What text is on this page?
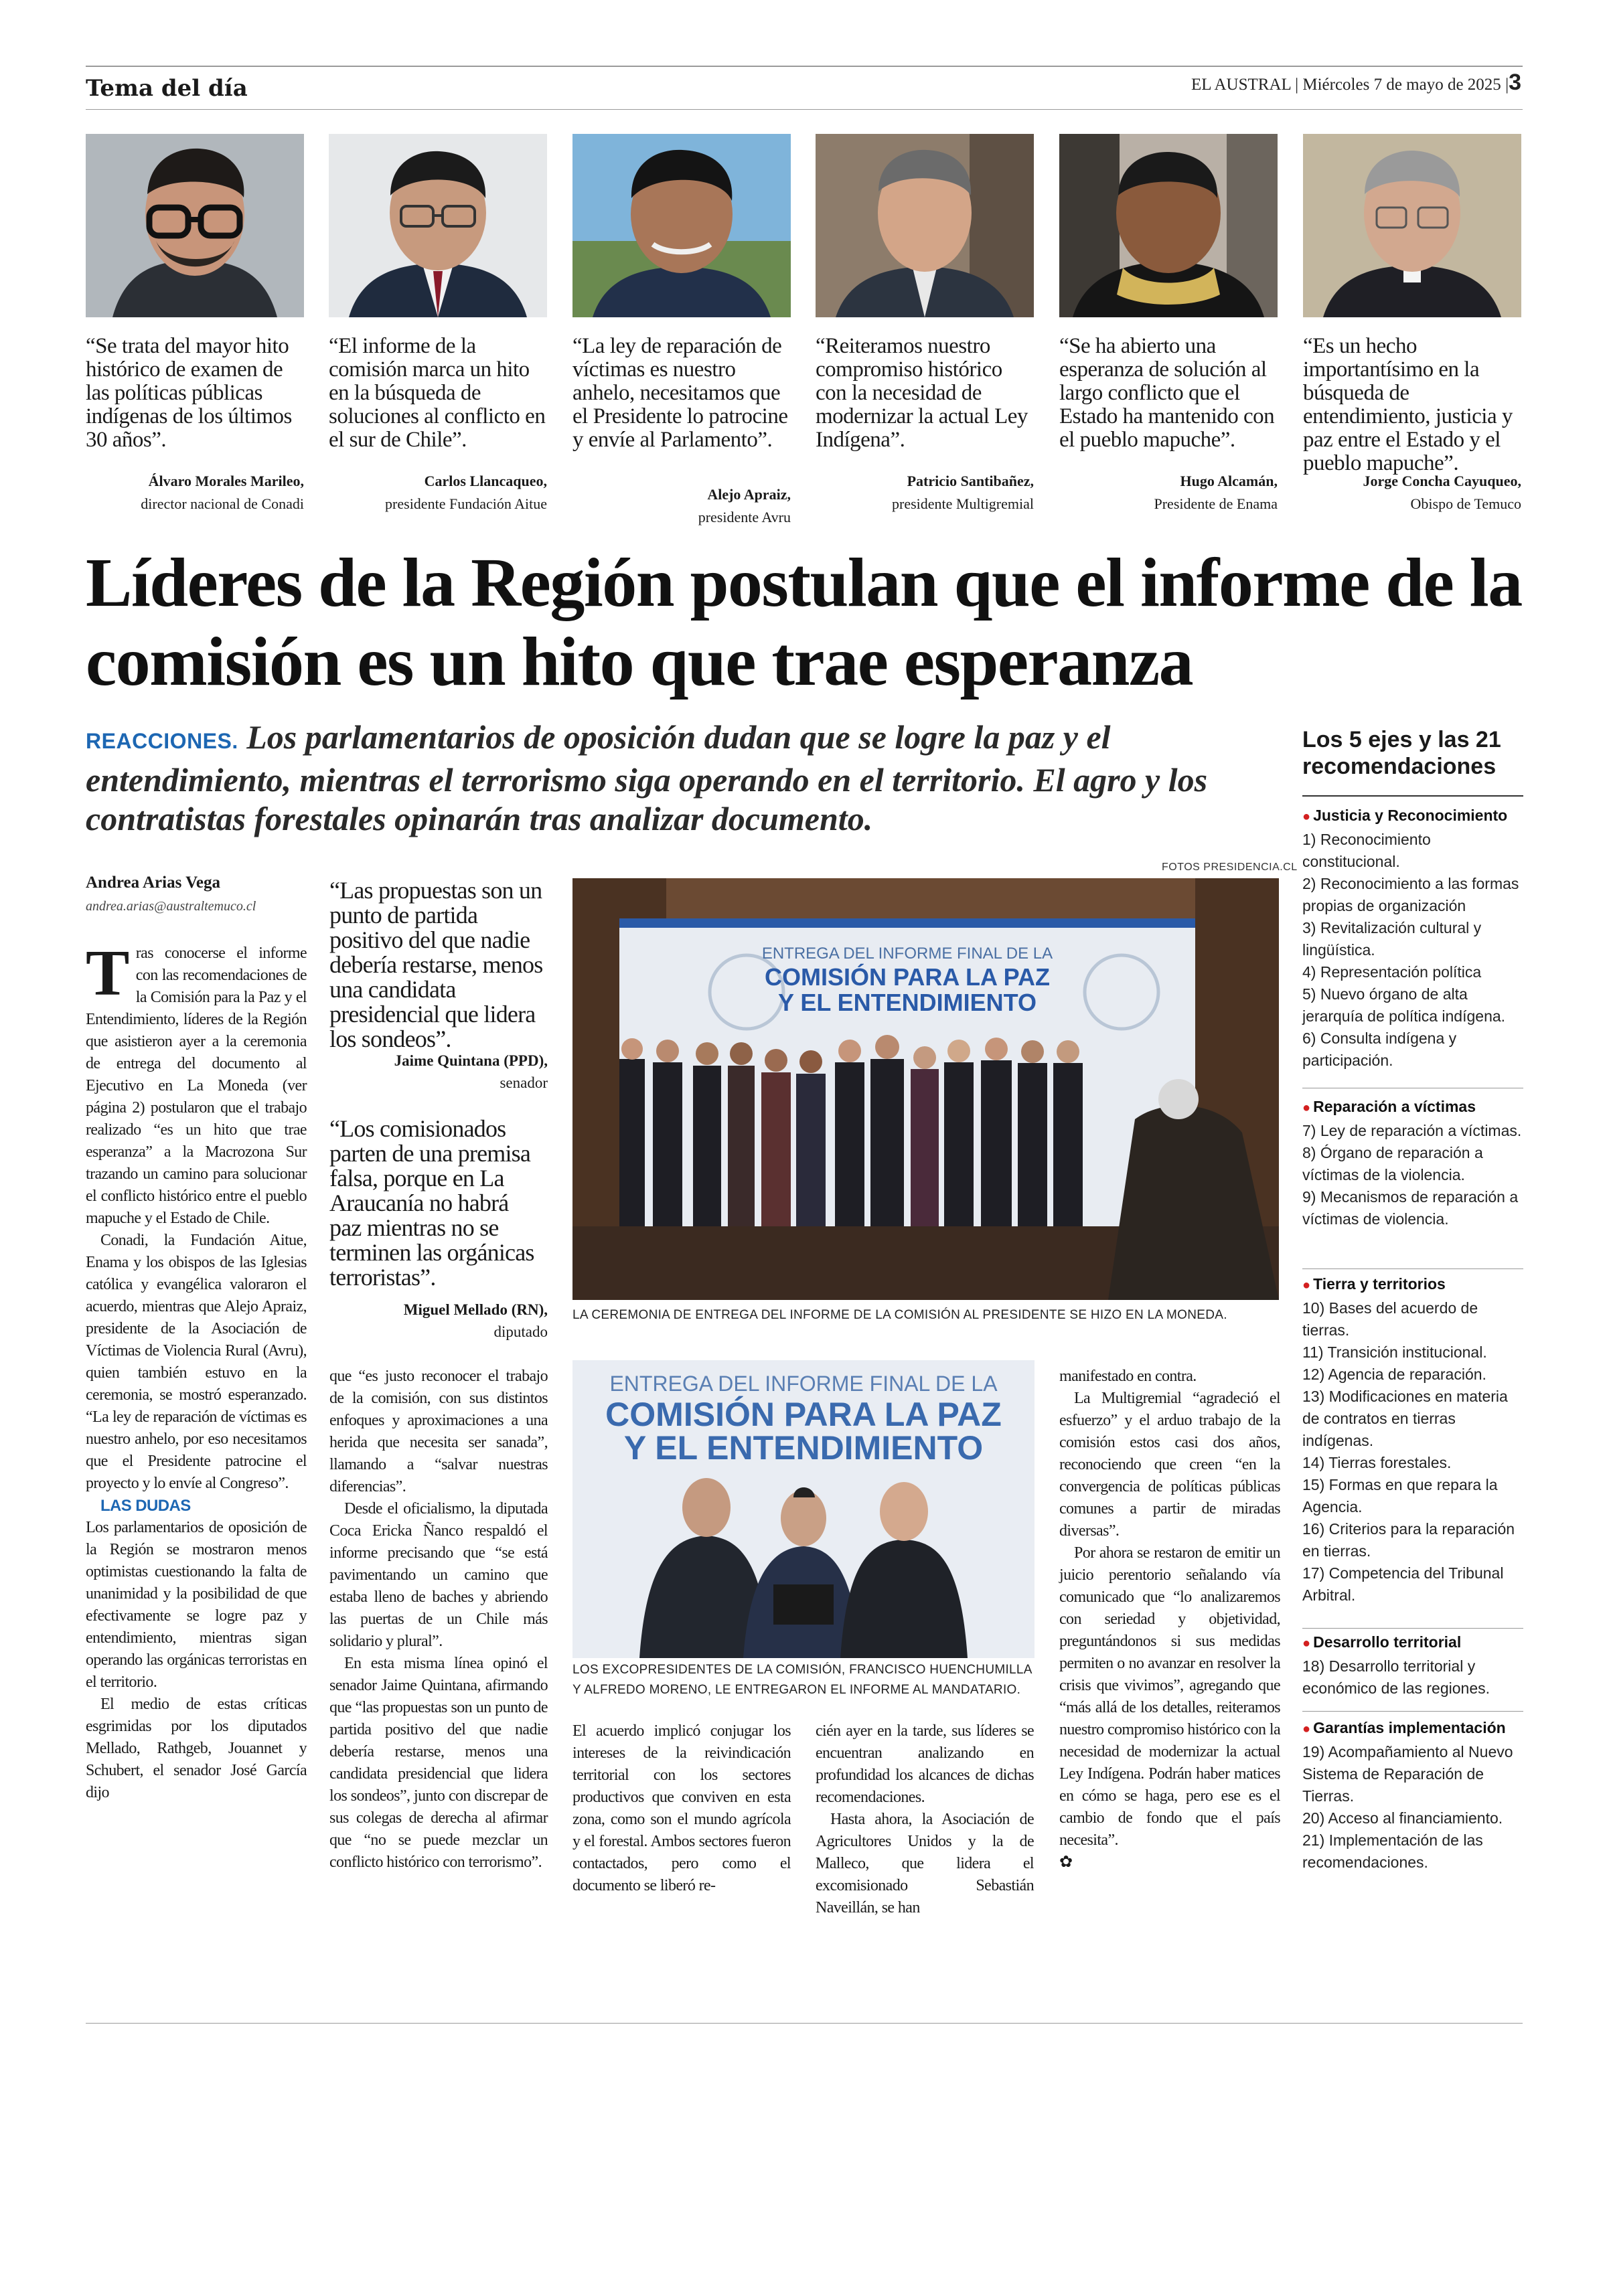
Tema del día	EL AUSTRAL | Miércoles 7 de mayo de 2025 |3
“Se trata del mayor hito histórico de examen de las políticas públicas indígenas de los últimos 30 años”.
Álvaro Morales Marileo,
director nacional de Conadi
“El informe de la comisión marca un hito en la búsqueda de soluciones al conflicto en el sur de Chile”.
Carlos Llancaqueo,
presidente Fundación Aitue
“La ley de reparación de víctimas es nuestro anhelo, necesitamos que el Presidente lo patrocine y envíe al Parlamento”.
Alejo Apraiz,
presidente Avru
“Reiteramos nuestro compromiso histórico con la necesidad de modernizar la actual Ley Indígena”.
Patricio Santibañez,
presidente Multigremial
“Se ha abierto una esperanza de solución al largo conflicto que el Estado ha mantenido con el pueblo mapuche”.
Hugo Alcamán,
Presidente de Enama
“Es un hecho importantísimo en la búsqueda de entendimiento, justicia y paz entre el Estado y el pueblo mapuche”.
Jorge Concha Cayuqueo,
Obispo de Temuco
Líderes de la Región postulan que el informe de la comisión es un hito que trae esperanza
REACCIONES. Los parlamentarios de oposición dudan que se logre la paz y el entendimiento, mientras el terrorismo siga operando en el territorio. El agro y los contratistas forestales opinarán tras analizar documento.
Los 5 ejes y las 21 recomendaciones
● Justicia y Reconocimiento
1) Reconocimiento constitucional.
2) Reconocimiento a las formas propias de organización
3) Revitalización cultural y lingüística.
4) Representación política
5) Nuevo órgano de alta jerarquía de política indígena.
6) Consulta indígena y participación.
● Reparación a víctimas
7) Ley de reparación a víctimas.
8) Órgano de reparación a víctimas de la violencia.
9) Mecanismos de reparación a víctimas de violencia.
● Tierra y territorios
10) Bases del acuerdo de tierras.
11) Transición institucional.
12) Agencia de reparación.
13) Modificaciones en materia de contratos en tierras indígenas.
14) Tierras forestales.
15) Formas en que repara la Agencia.
16) Criterios para la reparación en tierras.
17) Competencia del Tribunal Arbitral.
● Desarrollo territorial
18) Desarrollo territorial y económico de las regiones.
● Garantías implementación
19) Acompañamiento al Nuevo Sistema de Reparación de Tierras.
20) Acceso al financiamiento.
21) Implementación de las recomendaciones.
Andrea Arias Vega
andrea.arias@australtemuco.cl

Tras conocerse el informe con las recomendaciones de la Comisión para la Paz y el Entendimiento, líderes de la Región que asistieron ayer a la ceremonia de entrega del documento al Ejecutivo en La Moneda (ver página 2) postularon que el trabajo realizado “es un hito que trae esperanza” a la Macrozona Sur trazando un camino para solucionar el conflicto histórico entre el pueblo mapuche y el Estado de Chile.

Conadi, la Fundación Aitue, Enama y los obispos de las Iglesias católica y evangélica valoraron el acuerdo, mientras que Alejo Apraiz, presidente de la Asociación de Víctimas de Violencia Rural (Avru), quien también estuvo en la ceremonia, se mostró esperanzado. “La ley de reparación de víctimas es nuestro anhelo, por eso necesitamos que el Presidente patrocine el proyecto y lo envíe al Congreso”.

LAS DUDAS

Los parlamentarios de oposición de la Región se mostraron menos optimistas cuestionando la falta de unanimidad y la posibilidad de que efectivamente se logre paz y entendimiento, mientras sigan operando las orgánicas terroristas en el territorio.

El medio de estas críticas esgrimidas por los diputados Mellado, Rathgeb, Jouannet y Schubert, el senador José García dijo

“Las propuestas son un punto de partida positivo del que nadie debería restarse, menos una candidata presidencial que lidera los sondeos”.
Jaime Quintana (PPD),
senador
“Los comisionados parten de una premisa falsa, porque en La Araucanía no habrá paz mientras no se terminen las orgánicas terroristas”.
Miguel Mellado (RN),
diputado

que “es justo reconocer el trabajo de la comisión, con sus distintos enfoques y aproximaciones a una herida que necesita ser sanada”, llamando a “salvar nuestras diferencias”.

Desde el oficialismo, la diputada Coca Ericka Ñanco respaldó el informe precisando que “se está pavimentando un camino que estaba lleno de baches y abriendo las puertas de un Chile más solidario y plural”.

En esta misma línea opinó el senador Jaime Quintana, afirmando que “las propuestas son un punto de partida positivo del que nadie debería restarse, menos una candidata presidencial que lidera los sondeos”, junto con discrepar de sus colegas de derecha al afirmar que “no se puede mezclar un conflicto histórico con terrorismo”.

FOTOS PRESIDENCIA.CL
ENTREGA DEL INFORME FINAL DE LA
COMISIÓN PARA LA PAZ
Y EL ENTENDIMIENTO
LA CEREMONIA DE ENTREGA DEL INFORME DE LA COMISIÓN AL PRESIDENTE SE HIZO EN LA MONEDA.
ENTREGA DEL INFORME FINAL DE LA
COMISIÓN PARA LA PAZ
Y EL ENTENDIMIENTO
LOS EXCOPRESIDENTES DE LA COMISIÓN, FRANCISCO HUENCHUMILLA Y ALFREDO MORENO, LE ENTREGARON EL INFORME AL MANDATARIO.

El acuerdo implicó conjugar los intereses de la reivindicación territorial con los sectores productivos que conviven en esta zona, como son el mundo agrícola y el forestal. Ambos sectores fueron contactados, pero como el documento se liberó re-

cién ayer en la tarde, sus líderes se encuentran analizando en profundidad los alcances de dichas recomendaciones.

Hasta ahora, la Asociación de Agricultores Unidos y la de Malleco, que lidera el excomisionado Sebastián Naveillán, se han

manifestado en contra.

La Multigremial “agradeció el esfuerzo” y el arduo trabajo de la comisión estos casi dos años, reconociendo que creen “en la convergencia de políticas públicas comunes a partir de miradas diversas”.

Por ahora se restaron de emitir un juicio perentorio señalando vía comunicado que “lo analizaremos con seriedad y objetividad, preguntándonos si sus medidas permiten o no avanzar en resolver la crisis que vivimos”, agregando que “más allá de los detalles, reiteramos nuestro compromiso histórico con la necesidad de modernizar la actual Ley Indígena. Podrán haber matices en cómo se haga, pero ese es el cambio de fondo que el país necesita”.

✿
